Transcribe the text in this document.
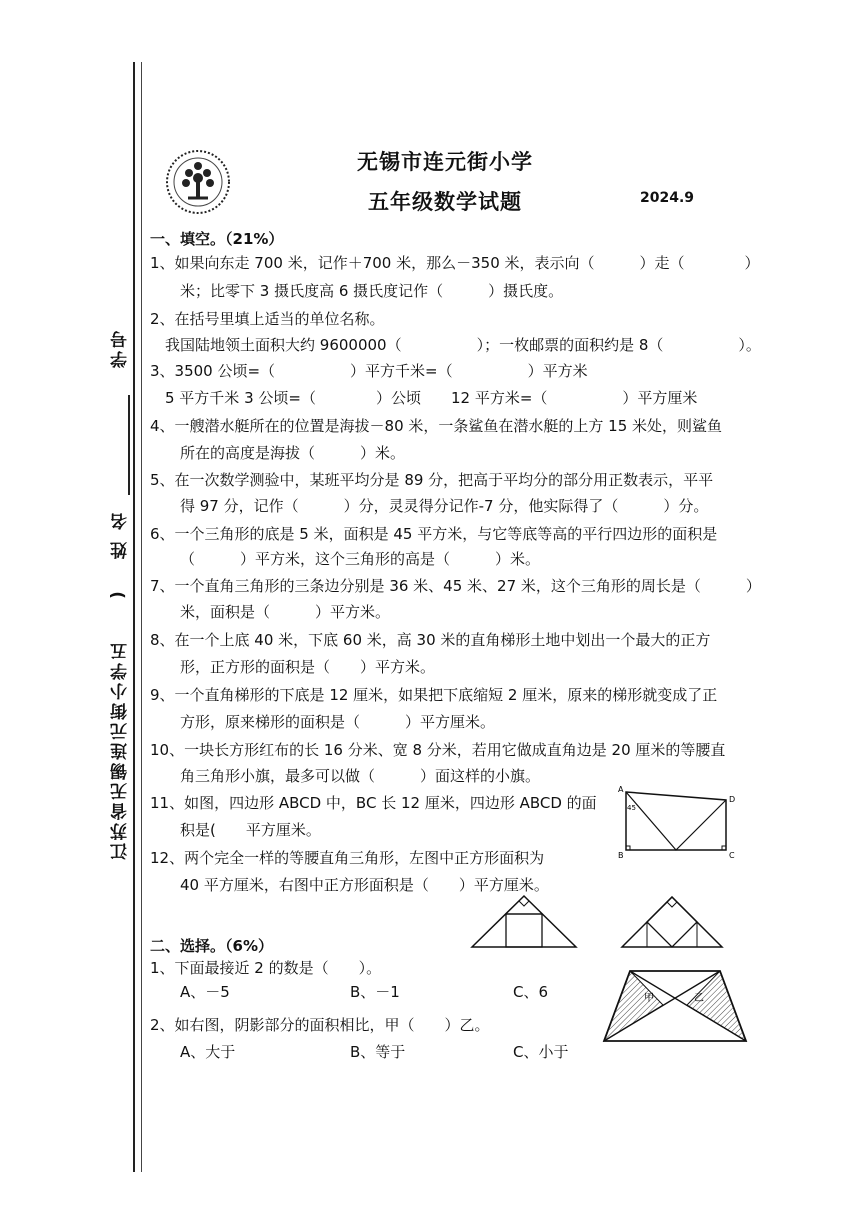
学号
姓 名
)
江苏省无锡连元街小学五
无锡市连元街小学
五年级数学试题	2024.9
一、填空。（21%）
1、如果向东走 700 米，记作＋700 米，那么－350 米，表示向（　　　）走（　　　　）
米；比零下 3 摄氏度高 6 摄氏度记作（　　　）摄氏度。
2、在括号里填上适当的单位名称。
我国陆地领土面积大约 9600000（　　　　　）；一枚邮票的面积约是 8（　　　　　）。
3、3500 公顷=（　　　　　）平方千米=（　　　　　）平方米
5 平方千米 3 公顷=（　　　　）公顷　　12 平方米=（　　　　　）平方厘米
4、一艘潜水艇所在的位置是海拔－80 米，一条鲨鱼在潜水艇的上方 15 米处，则鲨鱼
所在的高度是海拔（　　　）米。
5、在一次数学测验中，某班平均分是 89 分，把高于平均分的部分用正数表示，平平
得 97 分，记作（　　　）分，灵灵得分记作-7 分，他实际得了（　　　）分。
6、一个三角形的底是 5 米，面积是 45 平方米，与它等底等高的平行四边形的面积是
（　　　）平方米，这个三角形的高是（　　　）米。
7、一个直角三角形的三条边分别是 36 米、45 米、27 米，这个三角形的周长是（　　　）
米，面积是（　　　）平方米。
8、在一个上底 40 米，下底 60 米，高 30 米的直角梯形土地中划出一个最大的正方
形，正方形的面积是（　　）平方米。
9、一个直角梯形的下底是 12 厘米，如果把下底缩短 2 厘米，原来的梯形就变成了正
方形，原来梯形的面积是（　　　）平方厘米。
10、一块长方形红布的长 16 分米、宽 8 分米，若用它做成直角边是 20 厘米的等腰直
角三角形小旗，最多可以做（　　　）面这样的小旗。
11、如图，四边形 ABCD 中，BC 长 12 厘米，四边形 ABCD 的面
积是(　　平方厘米。
12、两个完全一样的等腰直角三角形，左图中正方形面积为
40 平方厘米，右图中正方形面积是（　　）平方厘米。
A
D
B	C
45
二、选择。（6%）
1、下面最接近 2 的数是（　　）。
A、－5	B、－1	C、6
2、如右图，阴影部分的面积相比，甲（　　）乙。
A、大于	B、等于	C、小于
甲	乙
